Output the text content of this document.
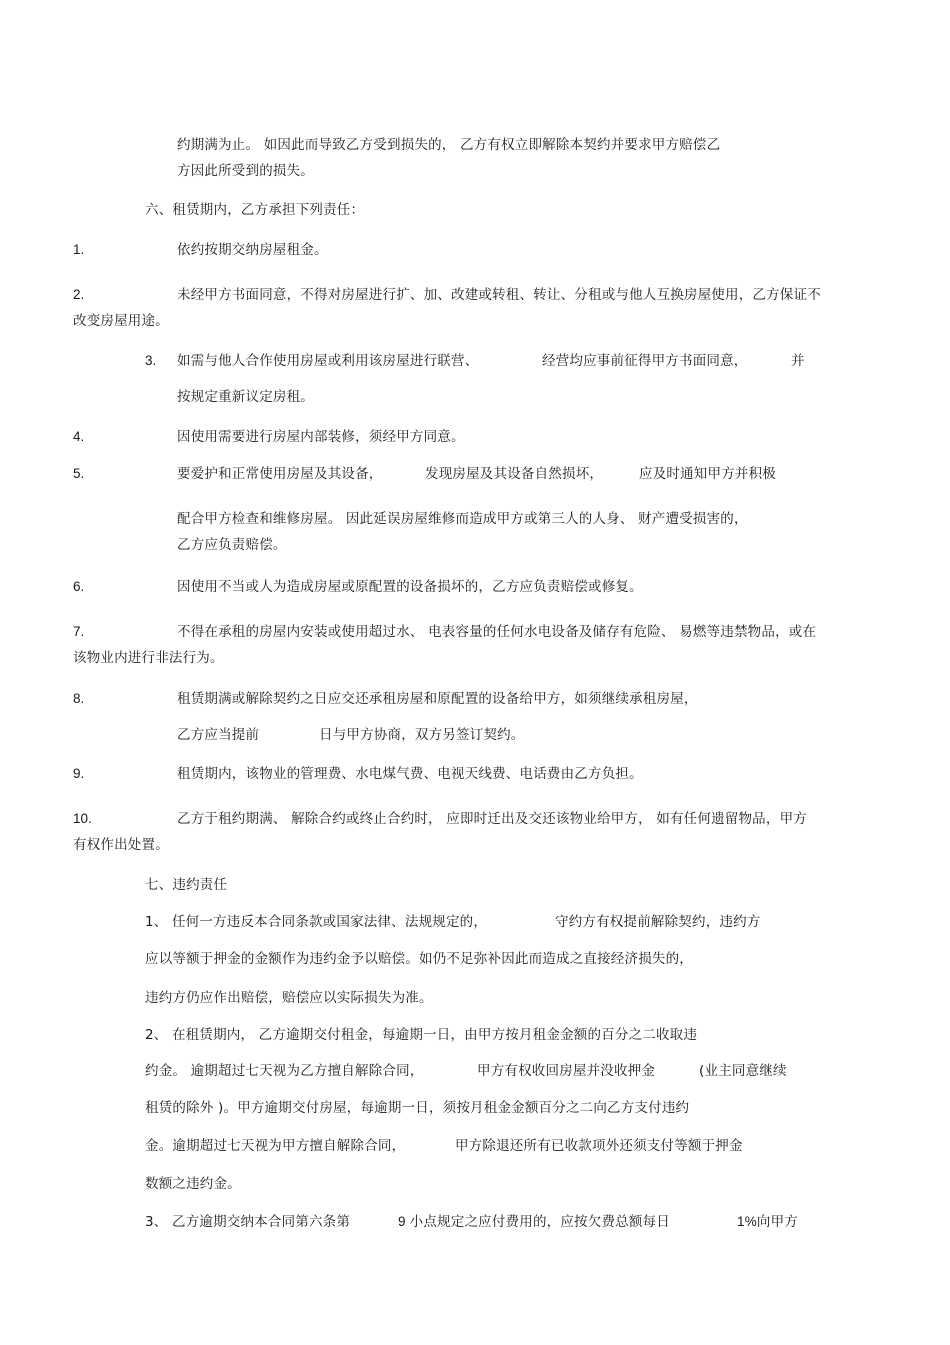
约期满为止。 如因此而导致乙方受到损失的， 乙方有权立即解除本契约并要求甲方赔偿乙
方因此所受到的损失。
六、租赁期内，乙方承担下列责任：
1.	依约按期交纳房屋租金。
2.	未经甲方书面同意，不得对房屋进行扩、加、改建或转租、转让、分租或与他人互换房屋使用，乙方保证不
改变房屋用途。
3. 如需与他人合作使用房屋或利用该房屋进行联营、	经营均应事前征得甲方书面同意，	并
按规定重新议定房租。
4.	因使用需要进行房屋内部装修，须经甲方同意。
5.	要爱护和正常使用房屋及其设备，	发现房屋及其设备自然损坏，	应及时通知甲方并积极
配合甲方检查和维修房屋。 因此延误房屋维修而造成甲方或第三人的人身、 财产遭受损害的，
乙方应负责赔偿。
6.	因使用不当或人为造成房屋或原配置的设备损坏的，乙方应负责赔偿或修复。
7.	不得在承租的房屋内安装或使用超过水、 电表容量的任何水电设备及储存有危险、 易燃等违禁物品，或在
该物业内进行非法行为。
8.	租赁期满或解除契约之日应交还承租房屋和原配置的设备给甲方，如须继续承租房屋，
乙方应当提前	日与甲方协商，双方另签订契约。
9.	租赁期内，该物业的管理费、水电煤气费、电视天线费、电话费由乙方负担。
10.	乙方于租约期满、 解除合约或终止合约时， 应即时迁出及交还该物业给甲方， 如有任何遗留物品，甲方
有权作出处置。
七、违约责任
1、 任何一方违反本合同条款或国家法律、法规规定的，	守约方有权提前解除契约，违约方
应以等额于押金的金额作为违约金予以赔偿。如仍不足弥补因此而造成之直接经济损失的，
违约方仍应作出赔偿，赔偿应以实际损失为准。
2、 在租赁期内， 乙方逾期交付租金，每逾期一日，由甲方按月租金金额的百分之二收取违
约金。 逾期超过七天视为乙方擅自解除合同，	甲方有权收回房屋并没收押金	(业主同意继续
租赁的除外 )。甲方逾期交付房屋，每逾期一日，须按月租金金额百分之二向乙方支付违约
金。逾期超过七天视为甲方擅自解除合同，	甲方除退还所有已收款项外还须支付等额于押金
数额之违约金。
3、 乙方逾期交纳本合同第六条第	9 小点规定之应付费用的，应按欠费总额每日	1%向甲方
